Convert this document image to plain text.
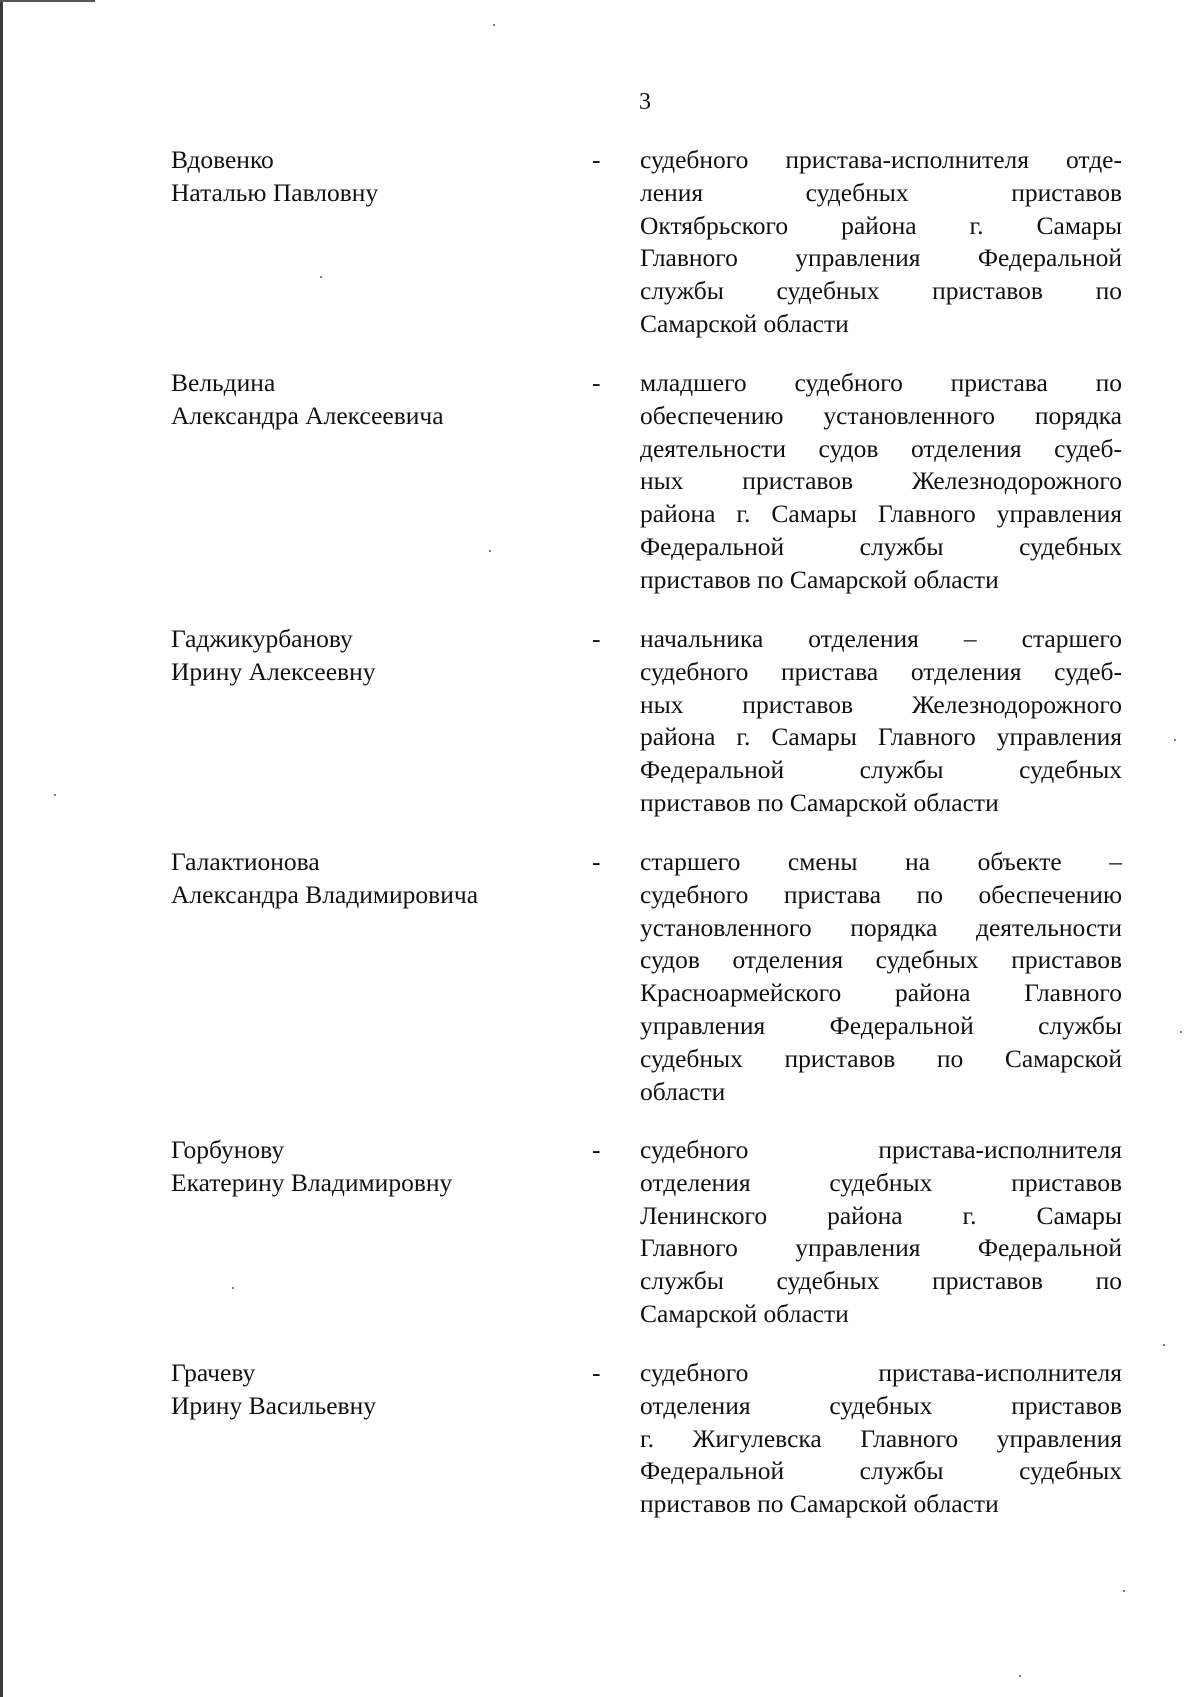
3
Вдовенко
Наталью Павловну
- судебного пристава-исполнителя отде-
ления судебных приставов
Октябрьского района г. Самары
Главного управления Федеральной
службы судебных приставов по
Самарской области
Вельдина
Александра Алексеевича
- младшего судебного пристава по
обеспечению установленного порядка
деятельности судов отделения судеб-
ных приставов Железнодорожного
района г. Самары Главного управления
Федеральной службы судебных
приставов по Самарской области
Гаджикурбанову
Ирину Алексеевну
- начальника отделения – старшего
судебного пристава отделения судеб-
ных приставов Железнодорожного
района г. Самары Главного управления
Федеральной службы судебных
приставов по Самарской области
Галактионова
Александра Владимировича
- старшего смены на объекте –
судебного пристава по обеспечению
установленного порядка деятельности
судов отделения судебных приставов
Красноармейского района Главного
управления Федеральной службы
судебных приставов по Самарской
области
Горбунову
Екатерину Владимировну
- судебного пристава-исполнителя
отделения судебных приставов
Ленинского района г. Самары
Главного управления Федеральной
службы судебных приставов по
Самарской области
Грачеву
Ирину Васильевну
- судебного пристава-исполнителя
отделения судебных приставов
г. Жигулевска Главного управления
Федеральной службы судебных
приставов по Самарской области
